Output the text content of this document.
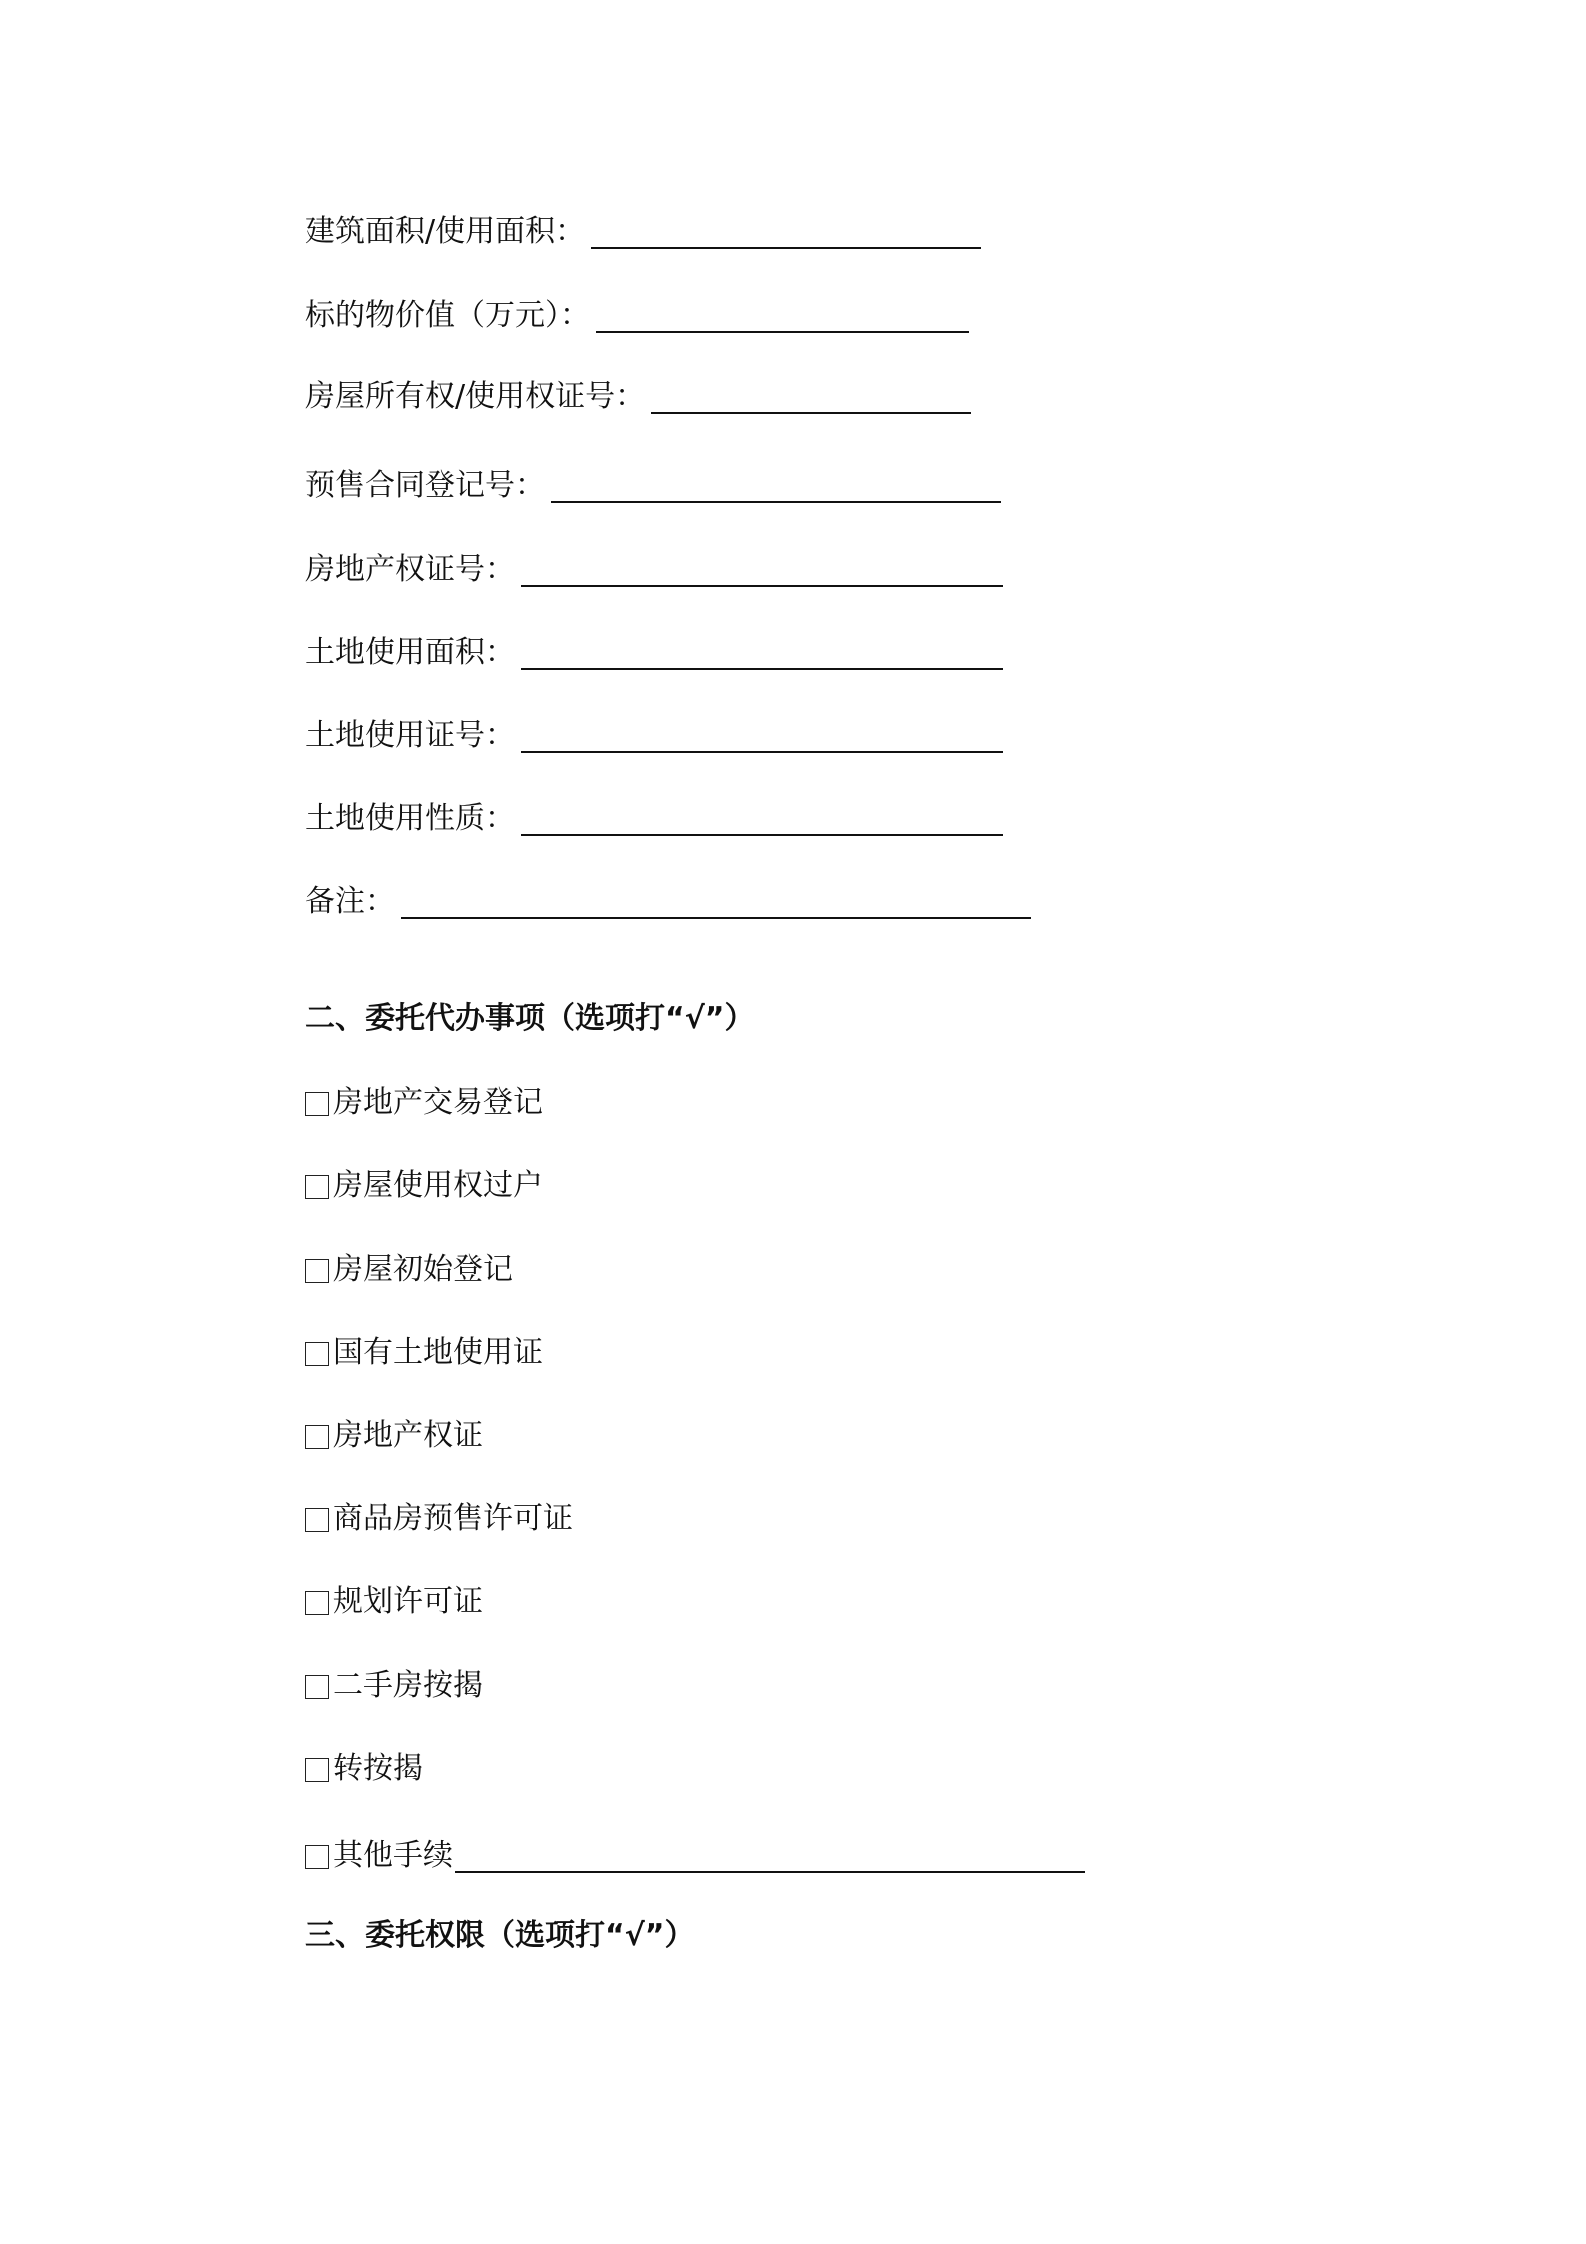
建筑面积/使用面积：
标的物价值（万元）：
房屋所有权/使用权证号：
预售合同登记号：
房地产权证号：
土地使用面积：
土地使用证号：
土地使用性质：
备注：
二、委托代办事项（选项打“√”）
房地产交易登记
房屋使用权过户
房屋初始登记
国有土地使用证
房地产权证
商品房预售许可证
规划许可证
二手房按揭
转按揭
其他手续
三、委托权限（选项打“√”）
